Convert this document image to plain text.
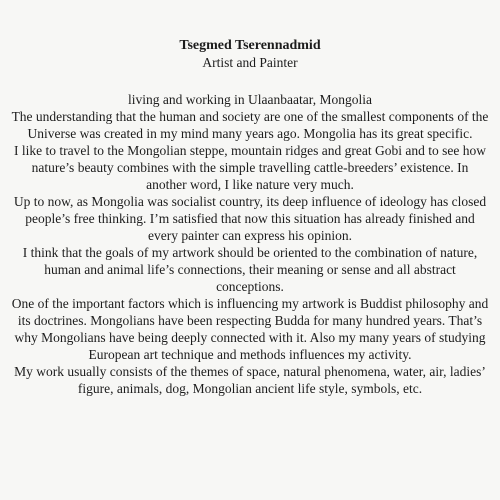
Tsegmed Tserennadmid
Artist and Painter

living and working in Ulaanbaatar, Mongolia

The understanding that the human and society are one of the smallest components of the Universe was created in my mind many years ago. Mongolia has its great specific.

I like to travel to the Mongolian steppe, mountain ridges and great Gobi and to see how nature’s beauty combines with the simple travelling cattle-breeders’ existence. In another word, I like nature very much.

Up to now, as Mongolia was socialist country, its deep influence of ideology has closed people’s free thinking. I’m satisfied that now this situation has already finished and every painter can express his opinion.

I think that the goals of my artwork should be oriented to the combination of nature, human and animal life’s connections, their meaning or sense and all abstract conceptions.

One of the important factors which is influencing my artwork is Buddist philosophy and its doctrines. Mongolians have been respecting Budda for many hundred years. That’s why Mongolians have being deeply connected with it. Also my many years of studying European art technique and methods influences my activity.

My work usually consists of the themes of space, natural phenomena, water, air, ladies’ figure, animals, dog, Mongolian ancient life style, symbols, etc.
